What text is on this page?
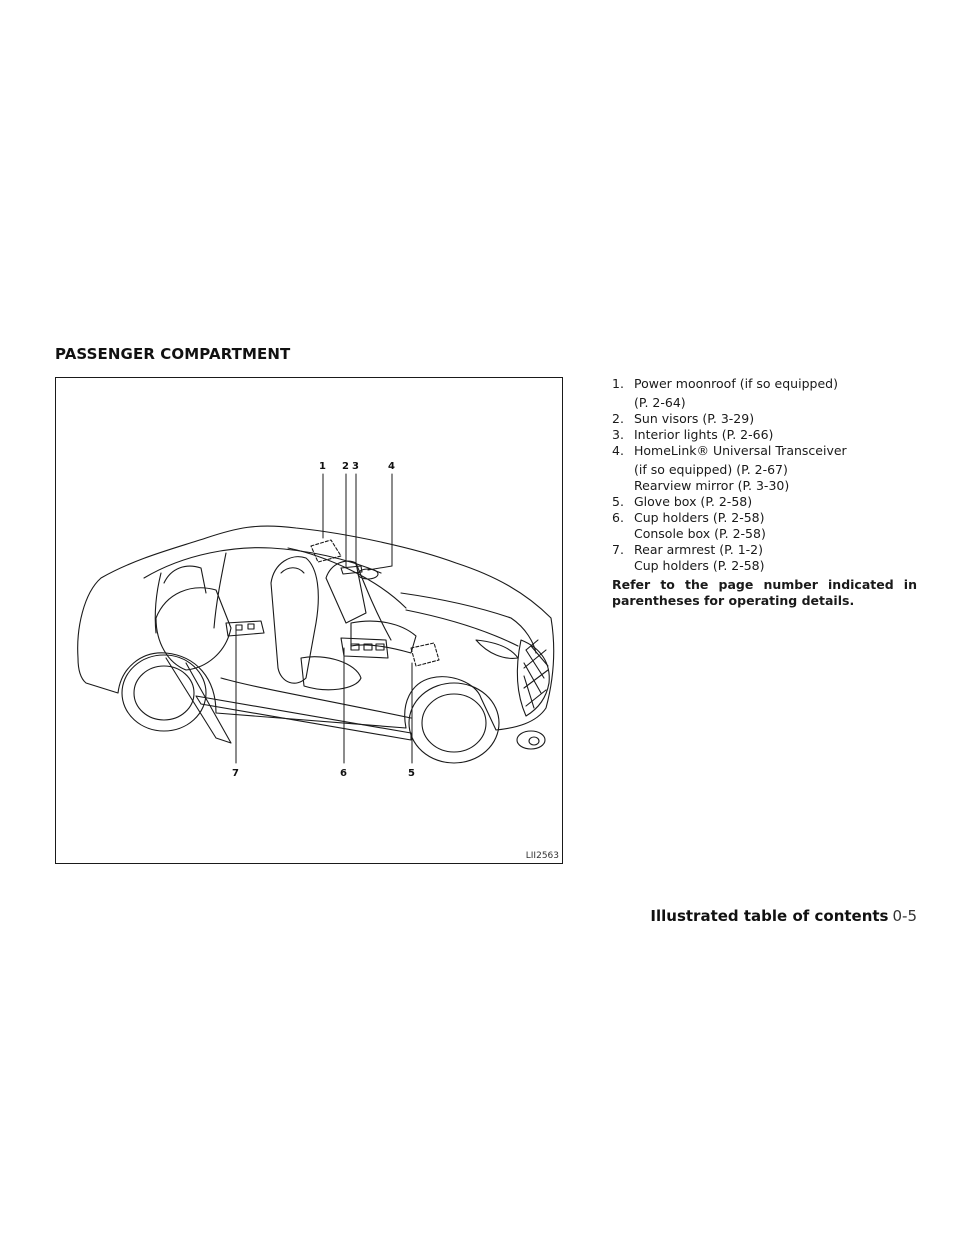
PASSENGER COMPARTMENT
1 2 3	4
5
6
7
LII2563
1. Power moonroof (if so equipped)
(P. 2-64)
2. Sun visors (P. 3-29)
3. Interior lights (P. 2-66)
4. HomeLink® Universal Transceiver
(if so equipped) (P. 2-67)
Rearview mirror (P. 3-30)
5. Glove box (P. 2-58)
6. Cup holders (P. 2-58)
Console box (P. 2-58)
7. Rear armrest (P. 1-2)
Cup holders (P. 2-58)
Refer to the page number indicated in parentheses for operating details.
Illustrated table of contents 0-5
